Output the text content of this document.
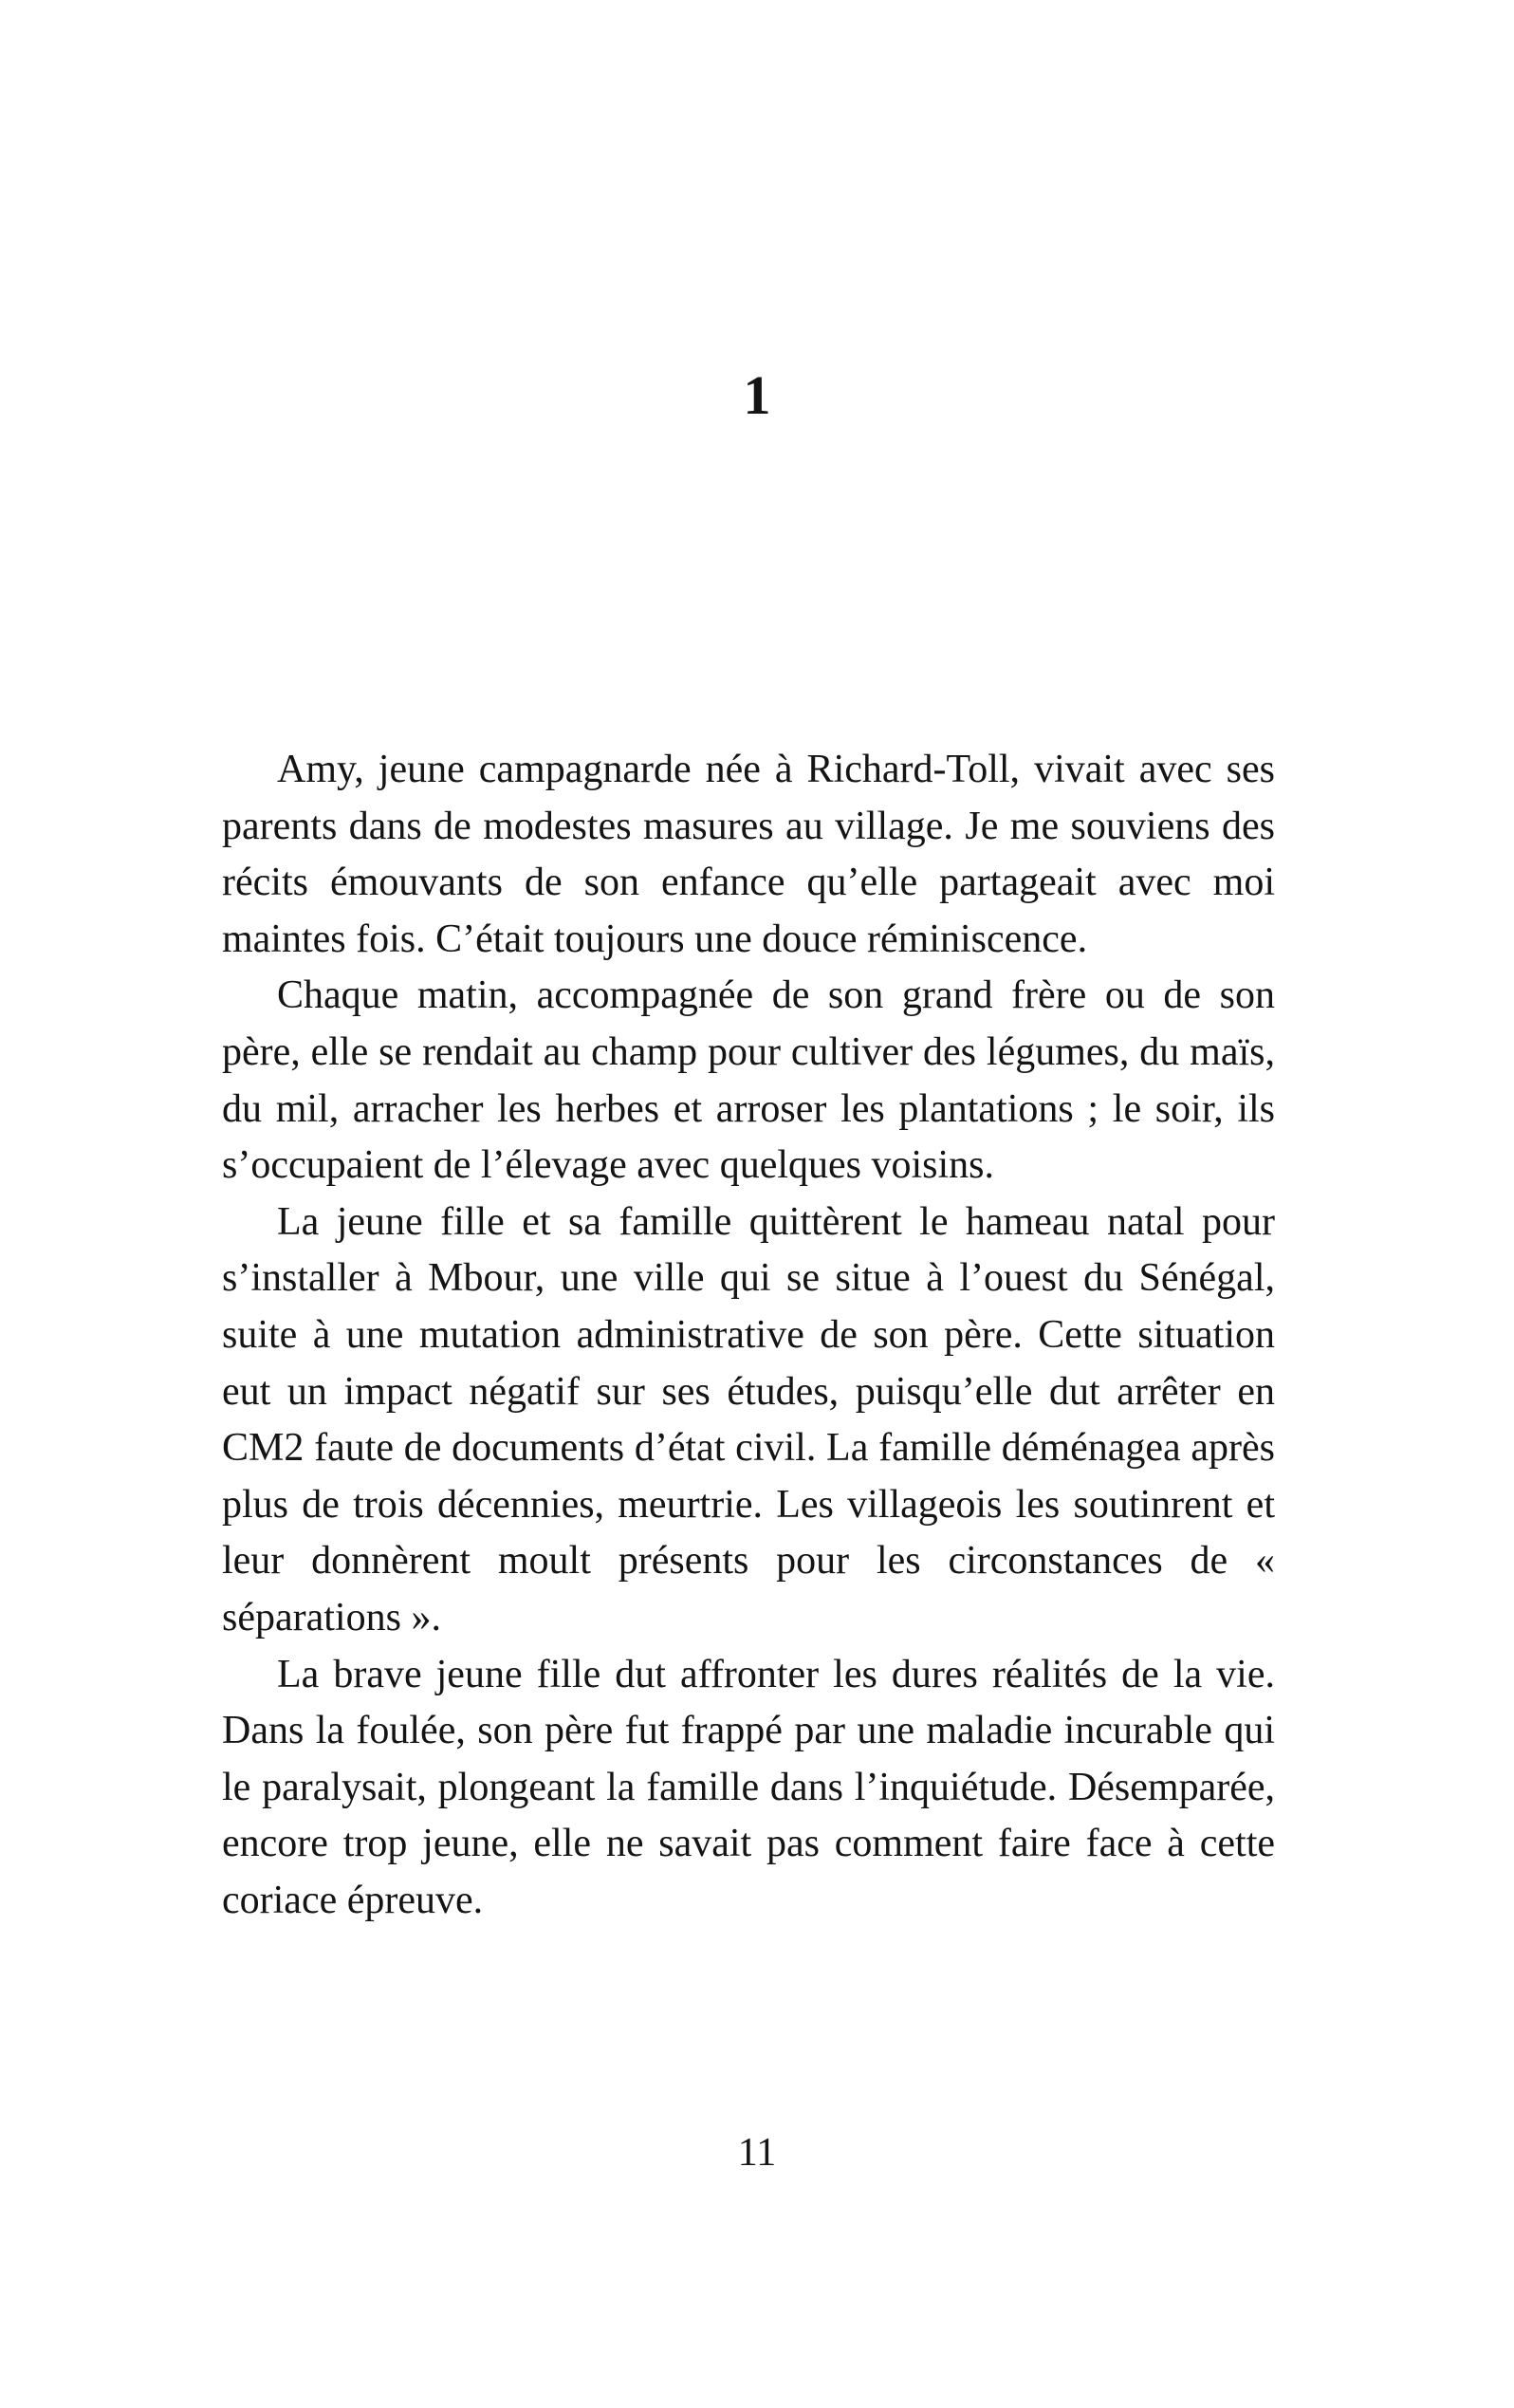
1

Amy, jeune campagnarde née à Richard-Toll, vivait avec ses parents dans de modestes masures au village. Je me souviens des récits émouvants de son enfance qu’elle partageait avec moi maintes fois. C’était toujours une douce réminiscence.

Chaque matin, accompagnée de son grand frère ou de son père, elle se rendait au champ pour cultiver des légumes, du maïs, du mil, arracher les herbes et arroser les plantations ; le soir, ils s’occupaient de l’élevage avec quelques voisins.

La jeune fille et sa famille quittèrent le hameau natal pour s’installer à Mbour, une ville qui se situe à l’ouest du Sénégal, suite à une mutation administrative de son père. Cette situation eut un impact négatif sur ses études, puisqu’elle dut arrêter en CM2 faute de documents d’état civil. La famille déménagea après plus de trois décennies, meurtrie. Les villageois les soutinrent et leur donnèrent moult présents pour les circonstances de « séparations ».

La brave jeune fille dut affronter les dures réalités de la vie. Dans la foulée, son père fut frappé par une maladie incurable qui le paralysait, plongeant la famille dans l’inquiétude. Désemparée, encore trop jeune, elle ne savait pas comment faire face à cette coriace épreuve.

11
